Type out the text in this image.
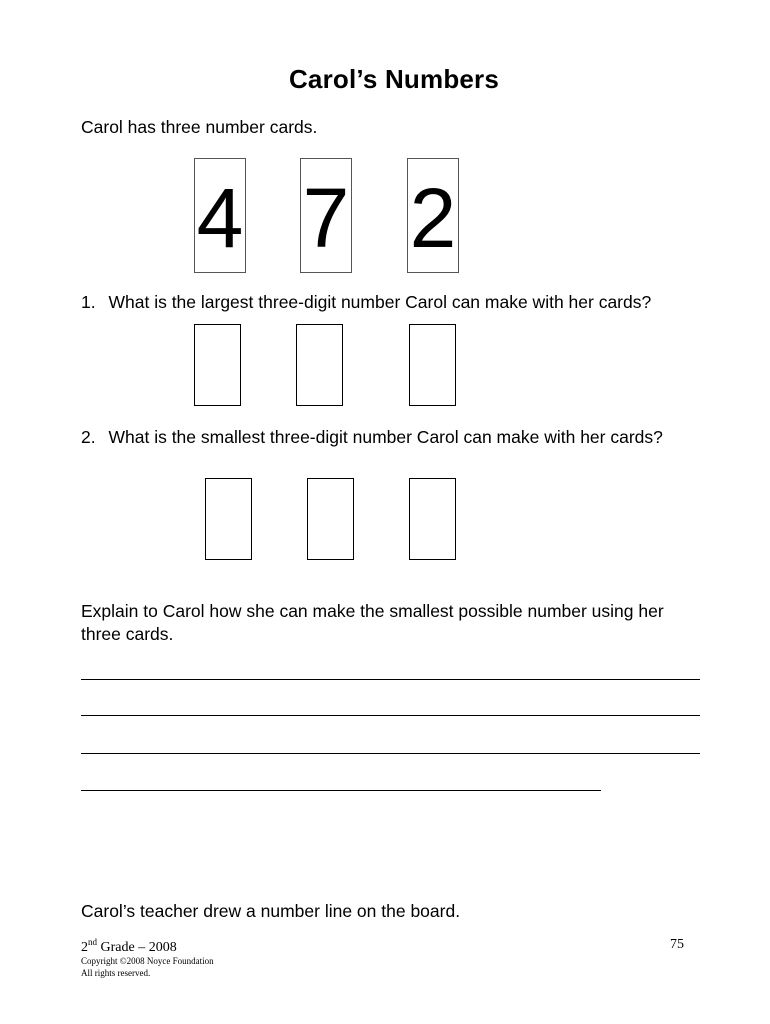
Carol’s Numbers
Carol has three number cards.
4 7 2
1. What is the largest three-digit number Carol can make with her cards?
2. What is the smallest three-digit number Carol can make with her cards?
Explain to Carol how she can make the smallest possible number using her three cards.
Carol’s teacher drew a number line on the board.
2nd Grade – 2008
Copyright ©2008 Noyce Foundation
All rights reserved.
75
